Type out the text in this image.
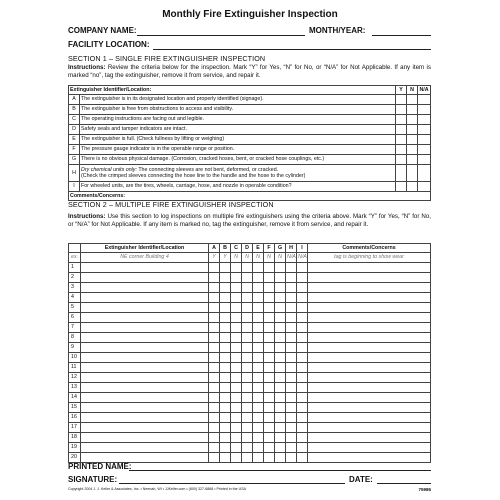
Monthly Fire Extinguisher Inspection
COMPANY NAME:	MONTH/YEAR:
FACILITY LOCATION:
SECTION 1 – SINGLE FIRE EXTINGUISHER INSPECTION
Instructions: Review the criteria below for the inspection. Mark “Y” for Yes, “N” for No, or “N/A” for Not Applicable. If any item is marked “no”, tag the extinguisher, remove it from service, and repair it.
Extinguisher Identifier/Location:		Y	N	N/A
A	The extinguisher is in its designated location and properly identified (signage).			
B	The extinguisher is free from obstructions to access and visibility.			
C	The operating instructions are facing out and legible.			
D	Safety seals and tamper indicators are intact.			
E	The extinguisher is full. (Check fullness by lifting or weighing)			
F	The pressure gauge indicator is in the operable range or position.			
G	There is no obvious physical damage. (Corrosion, cracked hoses, bent, or cracked hose couplings, etc.)			
H	Dry chemical units only: The connecting sleeves are not bent, deformed, or cracked.
(Check the crimped sleeves connecting the hose line to the handle and the hose to the cylinder)			
I	For wheeled units, are the tires, wheels, carriage, hose, and nozzle in operable condition?			
Comments/Concerns:				
SECTION 2 – MULTIPLE FIRE EXTINGUISHER INSPECTION
Instructions: Use this section to log inspections on multiple fire extinguishers using the criteria above. Mark “Y” for Yes, “N” for No, or “N/A” for Not Applicable. If any item is marked no, tag the extinguisher, remove it from service, and repair it.
	Extinguisher Identifier/Location	A	B	C	D	E	F	G	H	I	Comments/Concerns
ex.	NE corner Building 4	Y	Y	N	N	N	N	N	N/A	N/A	tag is beginning to show wear
1											
2											
3											
4											
5											
6											
7											
8											
9											
10											
11											
12											
13											
14											
15											
16											
17											
18											
19											
20											
PRINTED NAME:
SIGNATURE:	DATE:
Copyright 2004 J. J. Keller & Associates, Inc. • Neenah, WI • JJKeller.com • (800) 327-6868 • Printed in the USA	75986
